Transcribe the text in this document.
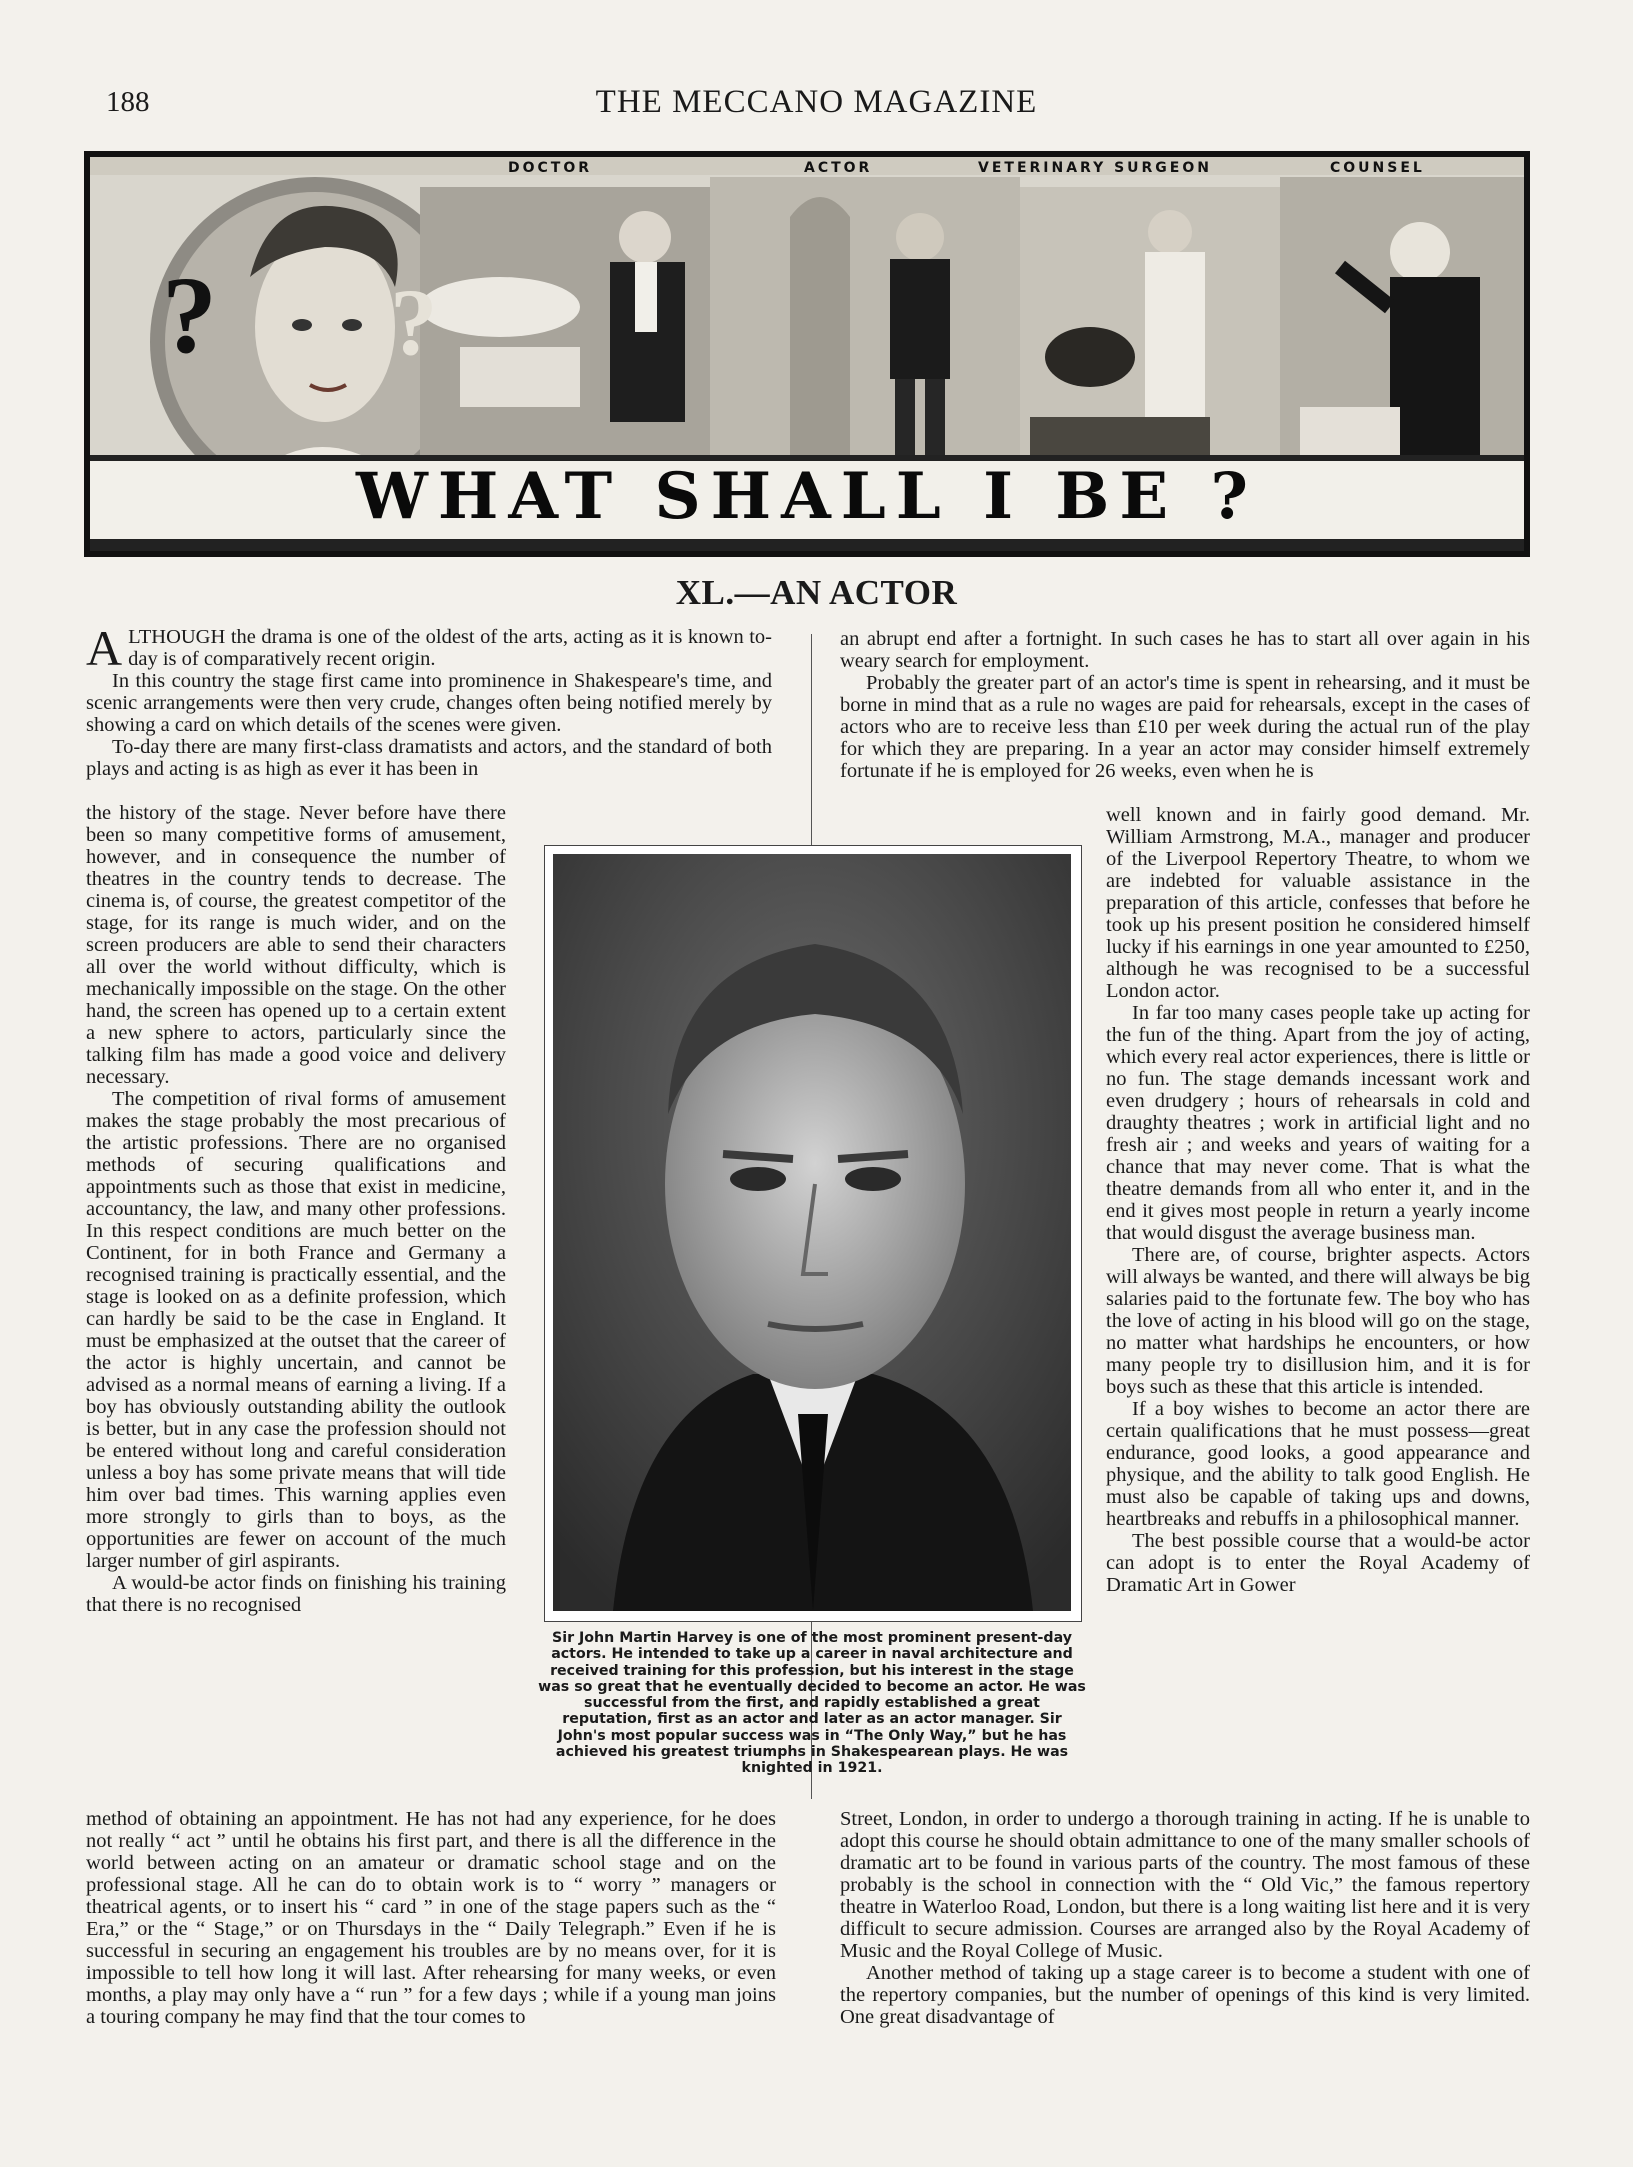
188	THE MECCANO MAGAZINE
DOCTOR	ACTOR	VETERINARY SURGEON	COUNSEL
? ?
WHAT SHALL I BE ?
XL.—AN ACTOR

ALTHOUGH the drama is one of the oldest of the arts, acting as it is known to-day is of comparatively recent origin.

In this country the stage first came into prominence in Shakespeare's time, and scenic arrangements were then very crude, changes often being notified merely by showing a card on which details of the scenes were given.

To-day there are many first-class dramatists and actors, and the standard of both plays and acting is as high as ever it has been in

the history of the stage. Never before have there been so many competitive forms of amusement, however, and in consequence the number of theatres in the country tends to decrease. The cinema is, of course, the greatest competitor of the stage, for its range is much wider, and on the screen producers are able to send their characters all over the world without difficulty, which is mechanically impossible on the stage. On the other hand, the screen has opened up to a certain extent a new sphere to actors, particularly since the talking film has made a good voice and delivery necessary.

The competition of rival forms of amusement makes the stage probably the most precarious of the artistic professions. There are no organised methods of securing qualifications and appointments such as those that exist in medicine, accountancy, the law, and many other professions. In this respect conditions are much better on the Continent, for in both France and Germany a recognised training is practically essential, and the stage is looked on as a definite profession, which can hardly be said to be the case in England. It must be emphasized at the outset that the career of the actor is highly uncertain, and cannot be advised as a normal means of earning a living. If a boy has obviously outstanding ability the outlook is better, but in any case the profession should not be entered without long and careful consideration unless a boy has some private means that will tide him over bad times. This warning applies even more strongly to girls than to boys, as the opportunities are fewer on account of the much larger number of girl aspirants.

A would-be actor finds on finishing his training that there is no recognised

method of obtaining an appointment. He has not had any experience, for he does not really “ act ” until he obtains his first part, and there is all the difference in the world between acting on an amateur or dramatic school stage and on the professional stage. All he can do to obtain work is to “ worry ” managers or theatrical agents, or to insert his “ card ” in one of the stage papers such as the “ Era,” or the “ Stage,” or on Thursdays in the “ Daily Telegraph.” Even if he is successful in securing an engagement his troubles are by no means over, for it is impossible to tell how long it will last. After rehearsing for many weeks, or even months, a play may only have a “ run ” for a few days ; while if a young man joins a touring company he may find that the tour comes to

an abrupt end after a fortnight. In such cases he has to start all over again in his weary search for employment.

Probably the greater part of an actor's time is spent in rehearsing, and it must be borne in mind that as a rule no wages are paid for rehearsals, except in the cases of actors who are to receive less than £10 per week during the actual run of the play for which they are preparing. In a year an actor may consider himself extremely fortunate if he is employed for 26 weeks, even when he is

well known and in fairly good demand. Mr. William Armstrong, M.A., manager and producer of the Liverpool Repertory Theatre, to whom we are indebted for valuable assistance in the preparation of this article, confesses that before he took up his present position he considered himself lucky if his earnings in one year amounted to £250, although he was recognised to be a successful London actor.

In far too many cases people take up acting for the fun of the thing. Apart from the joy of acting, which every real actor experiences, there is little or no fun. The stage demands incessant work and even drudgery ; hours of rehearsals in cold and draughty theatres ; work in artificial light and no fresh air ; and weeks and years of waiting for a chance that may never come. That is what the theatre demands from all who enter it, and in the end it gives most people in return a yearly income that would disgust the average business man.

There are, of course, brighter aspects. Actors will always be wanted, and there will always be big salaries paid to the fortunate few. The boy who has the love of acting in his blood will go on the stage, no matter what hardships he encounters, or how many people try to disillusion him, and it is for boys such as these that this article is intended.

If a boy wishes to become an actor there are certain qualifications that he must possess—great endurance, good looks, a good appearance and physique, and the ability to talk good English. He must also be capable of taking ups and downs, heartbreaks and rebuffs in a philosophical manner.

The best possible course that a would-be actor can adopt is to enter the Royal Academy of Dramatic Art in Gower

Street, London, in order to undergo a thorough training in acting. If he is unable to adopt this course he should obtain admittance to one of the many smaller schools of dramatic art to be found in various parts of the country. The most famous of these probably is the school in connection with the “ Old Vic,” the famous repertory theatre in Waterloo Road, London, but there is a long waiting list here and it is very difficult to secure admission. Courses are arranged also by the Royal Academy of Music and the Royal College of Music.

Another method of taking up a stage career is to become a student with one of the repertory companies, but the number of openings of this kind is very limited. One great disadvantage of

Sir John Martin Harvey is one of the most prominent present-day actors. He intended to take up a career in naval architecture and received training for this profession, but his interest in the stage was so great that he eventually decided to become an actor. He was successful from the first, and rapidly established a great reputation, first as an actor and later as an actor manager. Sir John's most popular success was in “The Only Way,” but he has achieved his greatest triumphs in Shakespearean plays. He was knighted in 1921.
